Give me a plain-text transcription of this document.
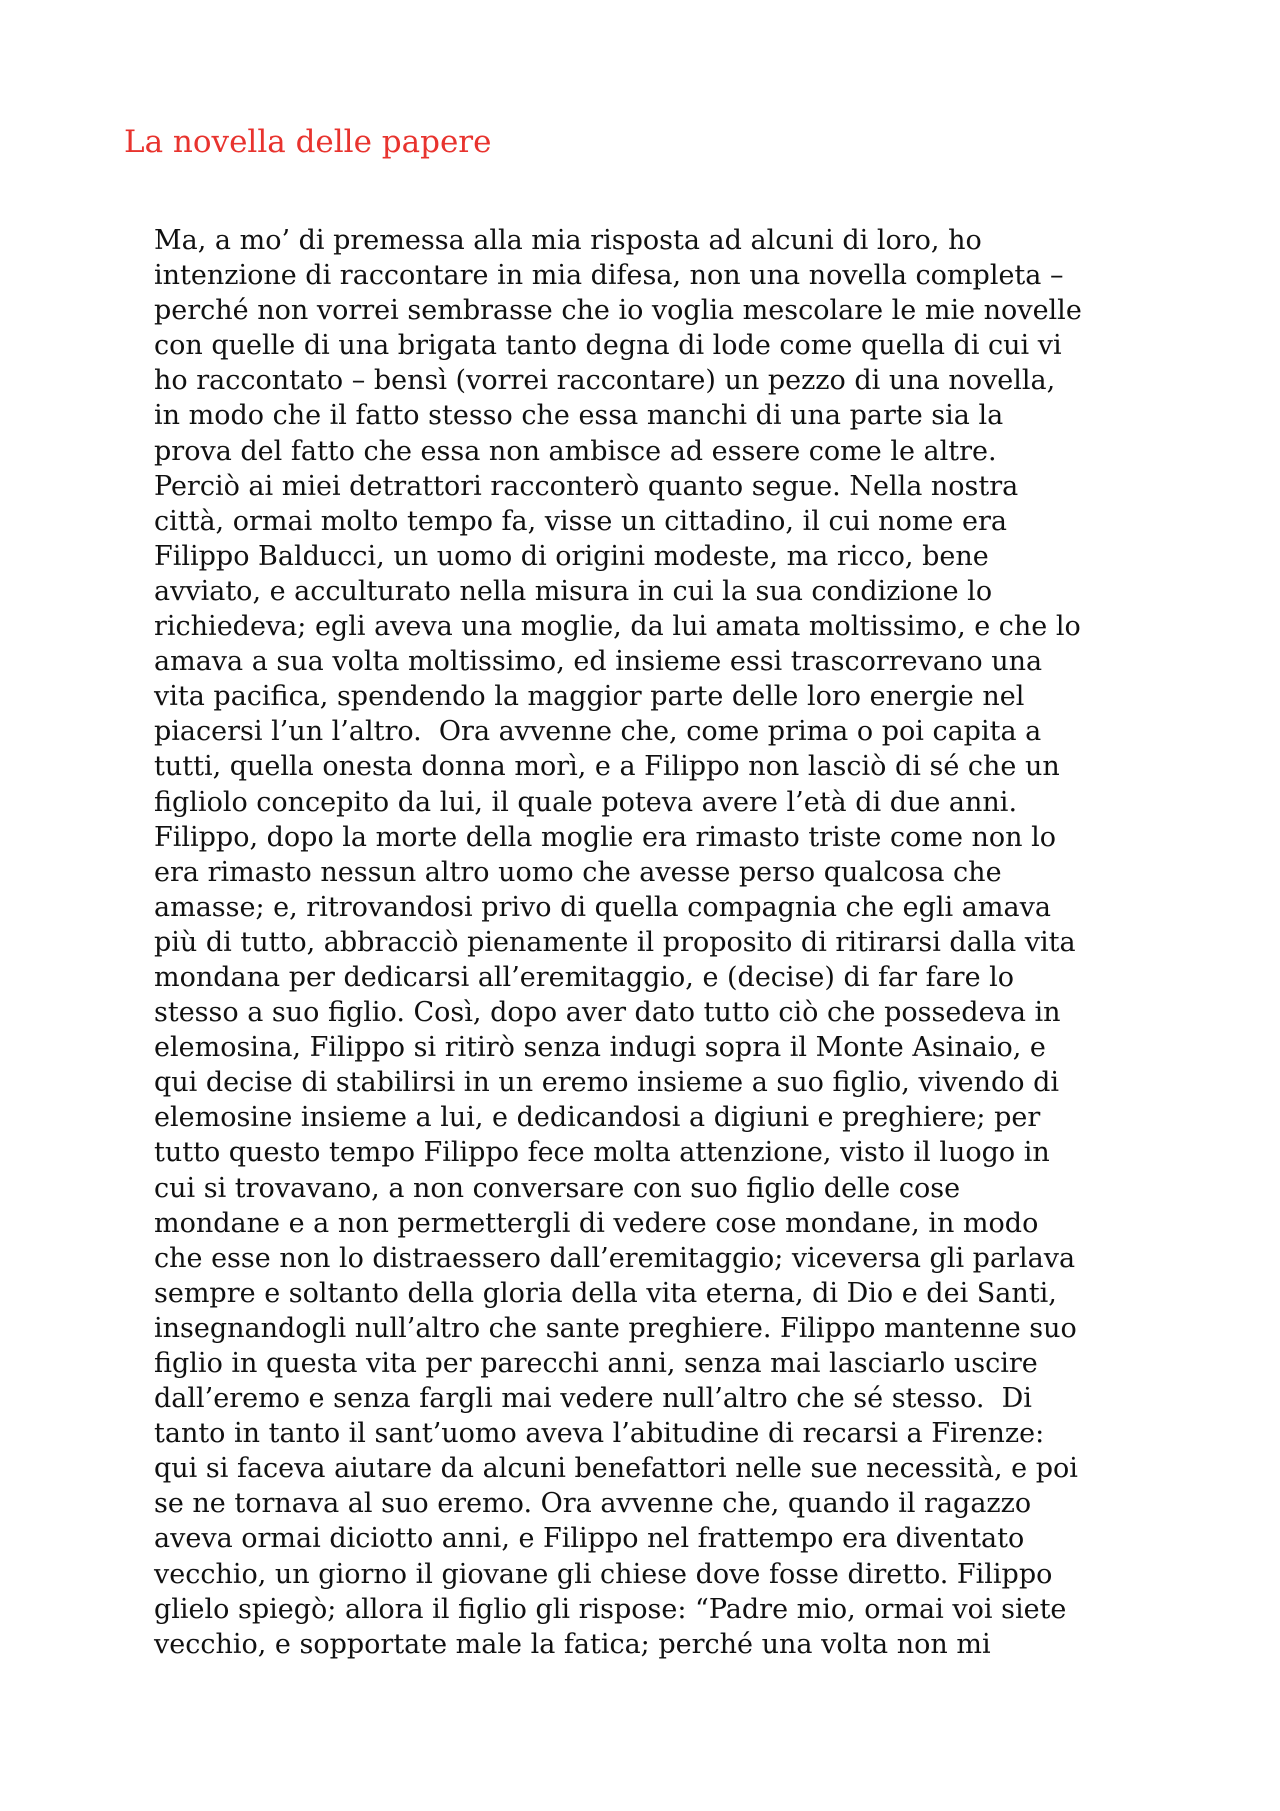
La novella delle papere
Ma, a mo’ di premessa alla mia risposta ad alcuni di loro, ho
intenzione di raccontare in mia difesa, non una novella completa –
perché non vorrei sembrasse che io voglia mescolare le mie novelle
con quelle di una brigata tanto degna di lode come quella di cui vi
ho raccontato – bensì (vorrei raccontare) un pezzo di una novella,
in modo che il fatto stesso che essa manchi di una parte sia la
prova del fatto che essa non ambisce ad essere come le altre.
Perciò ai miei detrattori racconterò quanto segue. Nella nostra
città, ormai molto tempo fa, visse un cittadino, il cui nome era
Filippo Balducci, un uomo di origini modeste, ma ricco, bene
avviato, e acculturato nella misura in cui la sua condizione lo
richiedeva; egli aveva una moglie, da lui amata moltissimo, e che lo
amava a sua volta moltissimo, ed insieme essi trascorrevano una
vita pacifica, spendendo la maggior parte delle loro energie nel
piacersi l’un l’altro.  Ora avvenne che, come prima o poi capita a
tutti, quella onesta donna morì, e a Filippo non lasciò di sé che un
figliolo concepito da lui, il quale poteva avere l’età di due anni.
Filippo, dopo la morte della moglie era rimasto triste come non lo
era rimasto nessun altro uomo che avesse perso qualcosa che
amasse; e, ritrovandosi privo di quella compagnia che egli amava
più di tutto, abbracciò pienamente il proposito di ritirarsi dalla vita
mondana per dedicarsi all’eremitaggio, e (decise) di far fare lo
stesso a suo figlio. Così, dopo aver dato tutto ciò che possedeva in
elemosina, Filippo si ritirò senza indugi sopra il Monte Asinaio, e
qui decise di stabilirsi in un eremo insieme a suo figlio, vivendo di
elemosine insieme a lui, e dedicandosi a digiuni e preghiere; per
tutto questo tempo Filippo fece molta attenzione, visto il luogo in
cui si trovavano, a non conversare con suo figlio delle cose
mondane e a non permettergli di vedere cose mondane, in modo
che esse non lo distraessero dall’eremitaggio; viceversa gli parlava
sempre e soltanto della gloria della vita eterna, di Dio e dei Santi,
insegnandogli null’altro che sante preghiere. Filippo mantenne suo
figlio in questa vita per parecchi anni, senza mai lasciarlo uscire
dall’eremo e senza fargli mai vedere null’altro che sé stesso.  Di
tanto in tanto il sant’uomo aveva l’abitudine di recarsi a Firenze:
qui si faceva aiutare da alcuni benefattori nelle sue necessità, e poi
se ne tornava al suo eremo. Ora avvenne che, quando il ragazzo
aveva ormai diciotto anni, e Filippo nel frattempo era diventato
vecchio, un giorno il giovane gli chiese dove fosse diretto. Filippo
glielo spiegò; allora il figlio gli rispose: “Padre mio, ormai voi siete
vecchio, e sopportate male la fatica; perché una volta non mi
